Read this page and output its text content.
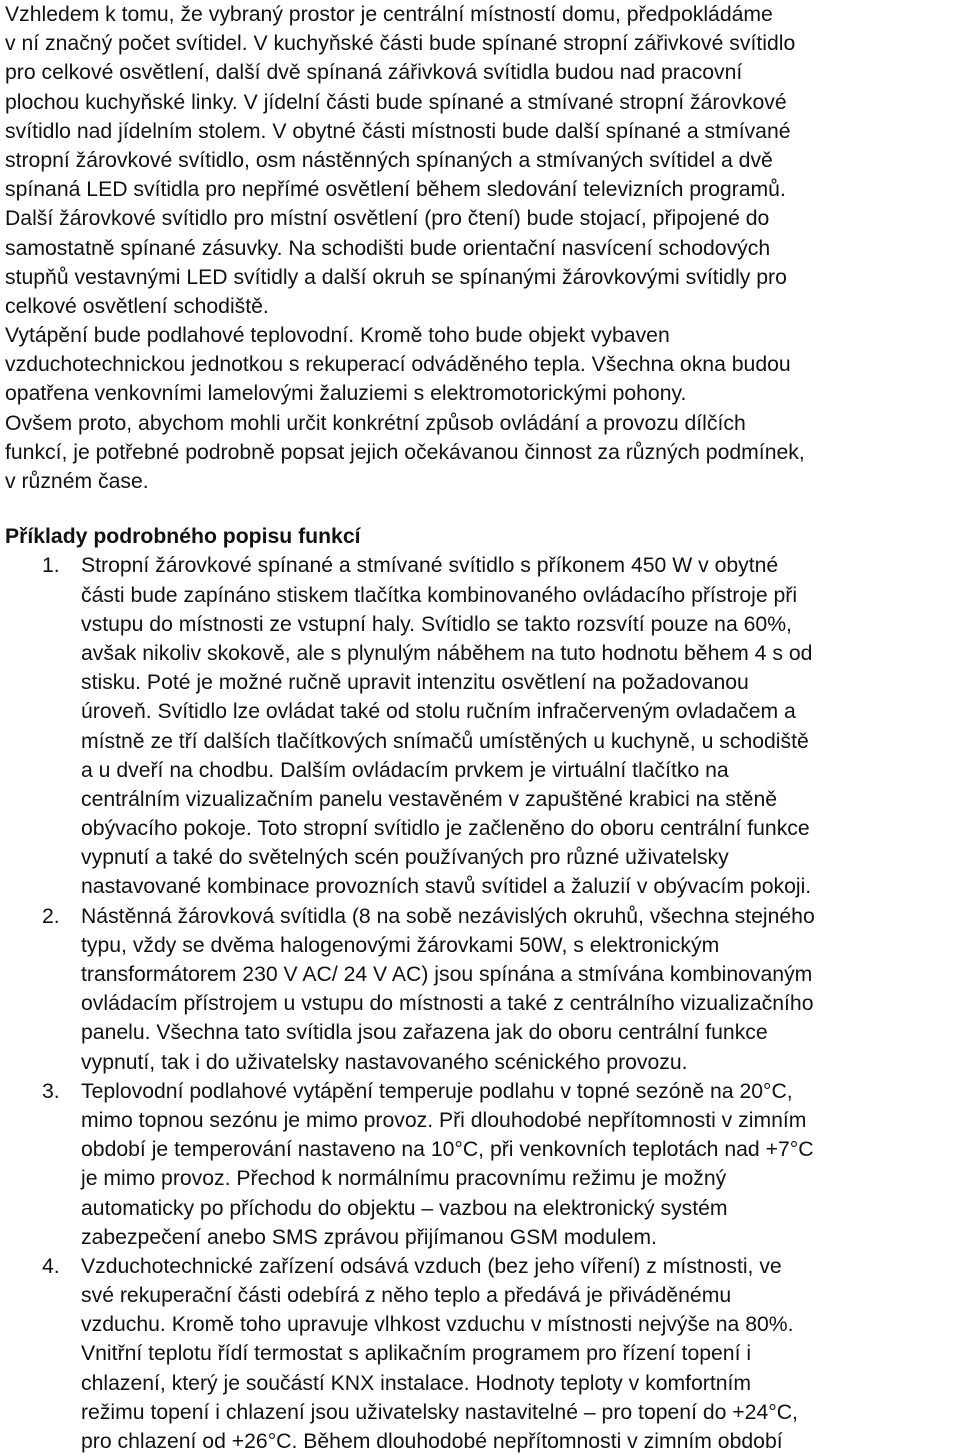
Vzhledem k tomu, že vybraný prostor je centrální místností domu, předpokládáme
v ní značný počet svítidel. V kuchyňské části bude spínané stropní zářivkové svítidlo
pro celkové osvětlení, další dvě spínaná zářivková svítidla budou nad pracovní
plochou kuchyňské linky. V jídelní části bude spínané a stmívané stropní žárovkové
svítidlo nad jídelním stolem. V obytné části místnosti bude další spínané a stmívané
stropní žárovkové svítidlo, osm nástěnných spínaných a stmívaných svítidel a dvě
spínaná LED svítidla pro nepřímé osvětlení během sledování televizních programů.
Další žárovkové svítidlo pro místní osvětlení (pro čtení) bude stojací, připojené do
samostatně spínané zásuvky. Na schodišti bude orientační nasvícení schodových
stupňů vestavnými LED svítidly a další okruh se spínanými žárovkovými svítidly pro
celkové osvětlení schodiště.
Vytápění bude podlahové teplovodní. Kromě toho bude objekt vybaven
vzduchotechnickou jednotkou s rekuperací odváděného tepla. Všechna okna budou
opatřena venkovními lamelovými žaluziemi s elektromotorickými pohony.
Ovšem proto, abychom mohli určit konkrétní způsob ovládání a provozu dílčích
funkcí, je potřebné podrobně popsat jejich očekávanou činnost za různých podmínek,
v různém čase.
Příklady podrobného popisu funkcí
1. Stropní žárovkové spínané a stmívané svítidlo s příkonem 450 W v obytné
části bude zapínáno stiskem tlačítka kombinovaného ovládacího přístroje při
vstupu do místnosti ze vstupní haly. Svítidlo se takto rozsvítí pouze na 60%,
avšak nikoliv skokově, ale s plynulým náběhem na tuto hodnotu během 4 s od
stisku. Poté je možné ručně upravit intenzitu osvětlení na požadovanou
úroveň. Svítidlo lze ovládat také od stolu ručním infračerveným ovladačem a
místně ze tří dalších tlačítkových snímačů umístěných u kuchyně, u schodiště
a u dveří na chodbu. Dalším ovládacím prvkem je virtuální tlačítko na
centrálním vizualizačním panelu vestavěném v zapuštěné krabici na stěně
obývacího pokoje. Toto stropní svítidlo je začleněno do oboru centrální funkce
vypnutí a také do světelných scén používaných pro různé uživatelsky
nastavované kombinace provozních stavů svítidel a žaluzií v obývacím pokoji.
2. Nástěnná žárovková svítidla (8 na sobě nezávislých okruhů, všechna stejného
typu, vždy se dvěma halogenovými žárovkami 50W, s elektronickým
transformátorem 230 V AC/ 24 V AC) jsou spínána a stmívána kombinovaným
ovládacím přístrojem u vstupu do místnosti a také z centrálního vizualizačního
panelu. Všechna tato svítidla jsou zařazena jak do oboru centrální funkce
vypnutí, tak i do uživatelsky nastavovaného scénického provozu.
3. Teplovodní podlahové vytápění temperuje podlahu v topné sezóně na 20°C,
mimo topnou sezónu je mimo provoz. Při dlouhodobé nepřítomnosti v zimním
období je temperování nastaveno na 10°C, při venkovních teplotách nad +7°C
je mimo provoz. Přechod k normálnímu pracovnímu režimu je možný
automaticky po příchodu do objektu – vazbou na elektronický systém
zabezpečení anebo SMS zprávou přijímanou GSM modulem.
4. Vzduchotechnické zařízení odsává vzduch (bez jeho víření) z místnosti, ve
své rekuperační části odebírá z něho teplo a předává je přiváděnému
vzduchu. Kromě toho upravuje vlhkost vzduchu v místnosti nejvýše na 80%.
Vnitřní teplotu řídí termostat s aplikačním programem pro řízení topení i
chlazení, který je součástí KNX instalace. Hodnoty teploty v komfortním
režimu topení i chlazení jsou uživatelsky nastavitelné – pro topení do +24°C,
pro chlazení od +26°C. Během dlouhodobé nepřítomnosti v zimním období
